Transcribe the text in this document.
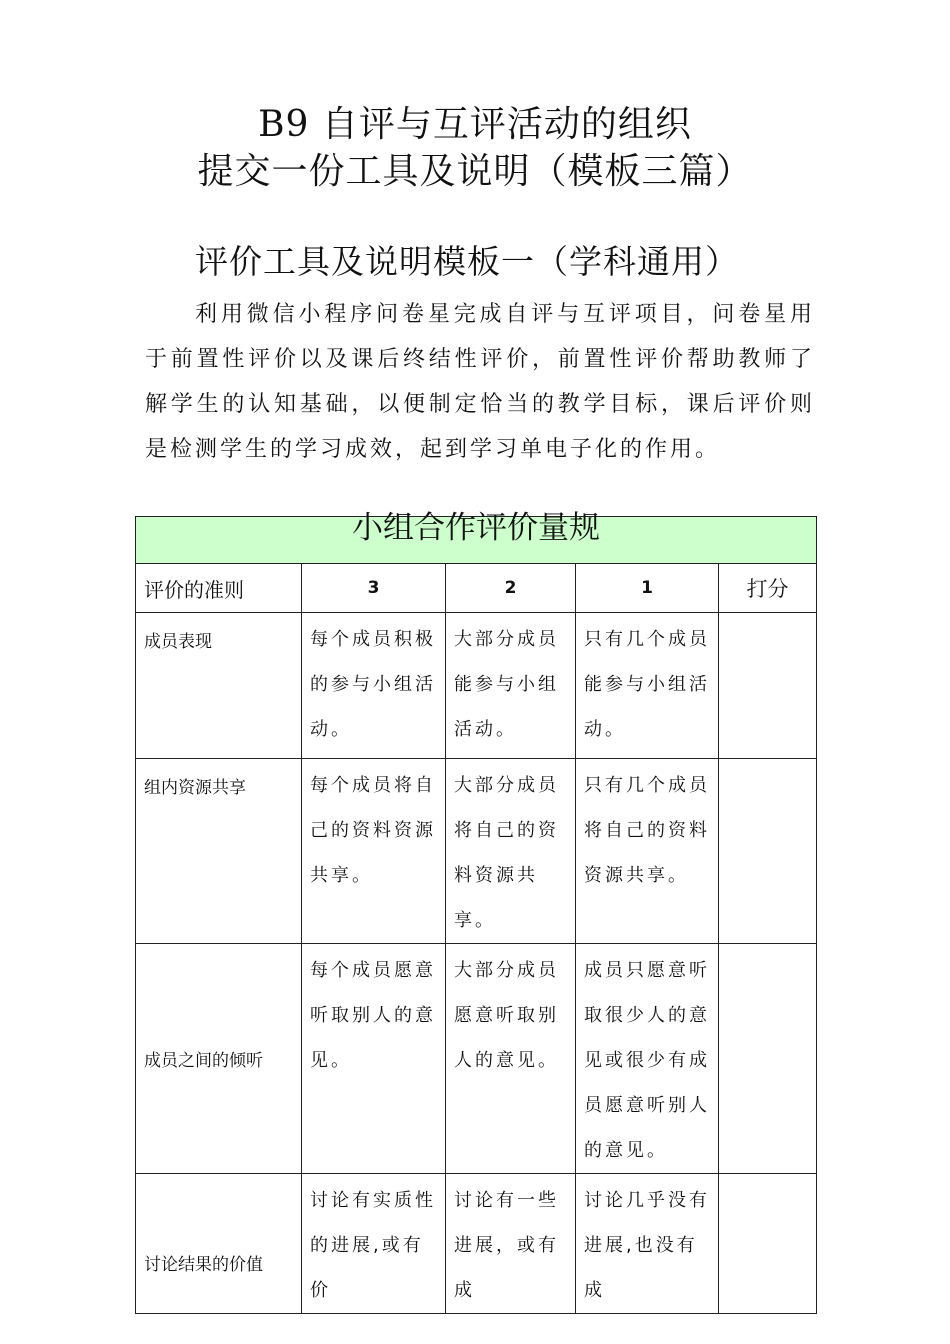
B9 自评与互评活动的组织
提交一份工具及说明（模板三篇）
评价工具及说明模板一（学科通用）
利用微信小程序问卷星完成自评与互评项目，问卷星用于前置性评价以及课后终结性评价，前置性评价帮助教师了解学生的认知基础，以便制定恰当的教学目标，课后评价则是检测学生的学习成效，起到学习单电子化的作用。
小组合作评价量规				
评价的准则	3	2	1	打分
成员表现	每个成员积极的参与小组活动。	大部分成员能参与小组活动。	只有几个成员能参与小组活动。	
组内资源共享	每个成员将自己的资料资源共享。	大部分成员将自己的资料资源共享。	只有几个成员将自己的资料资源共享。	
成员之间的倾听	每个成员愿意听取别人的意见。	大部分成员愿意听取别人的意见。	成员只愿意听取很少人的意见或很少有成员愿意听别人的意见。	
讨论结果的价值	讨论有实质性的进展,或有价	讨论有一些进展，或有成	讨论几乎没有进展,也没有成	
